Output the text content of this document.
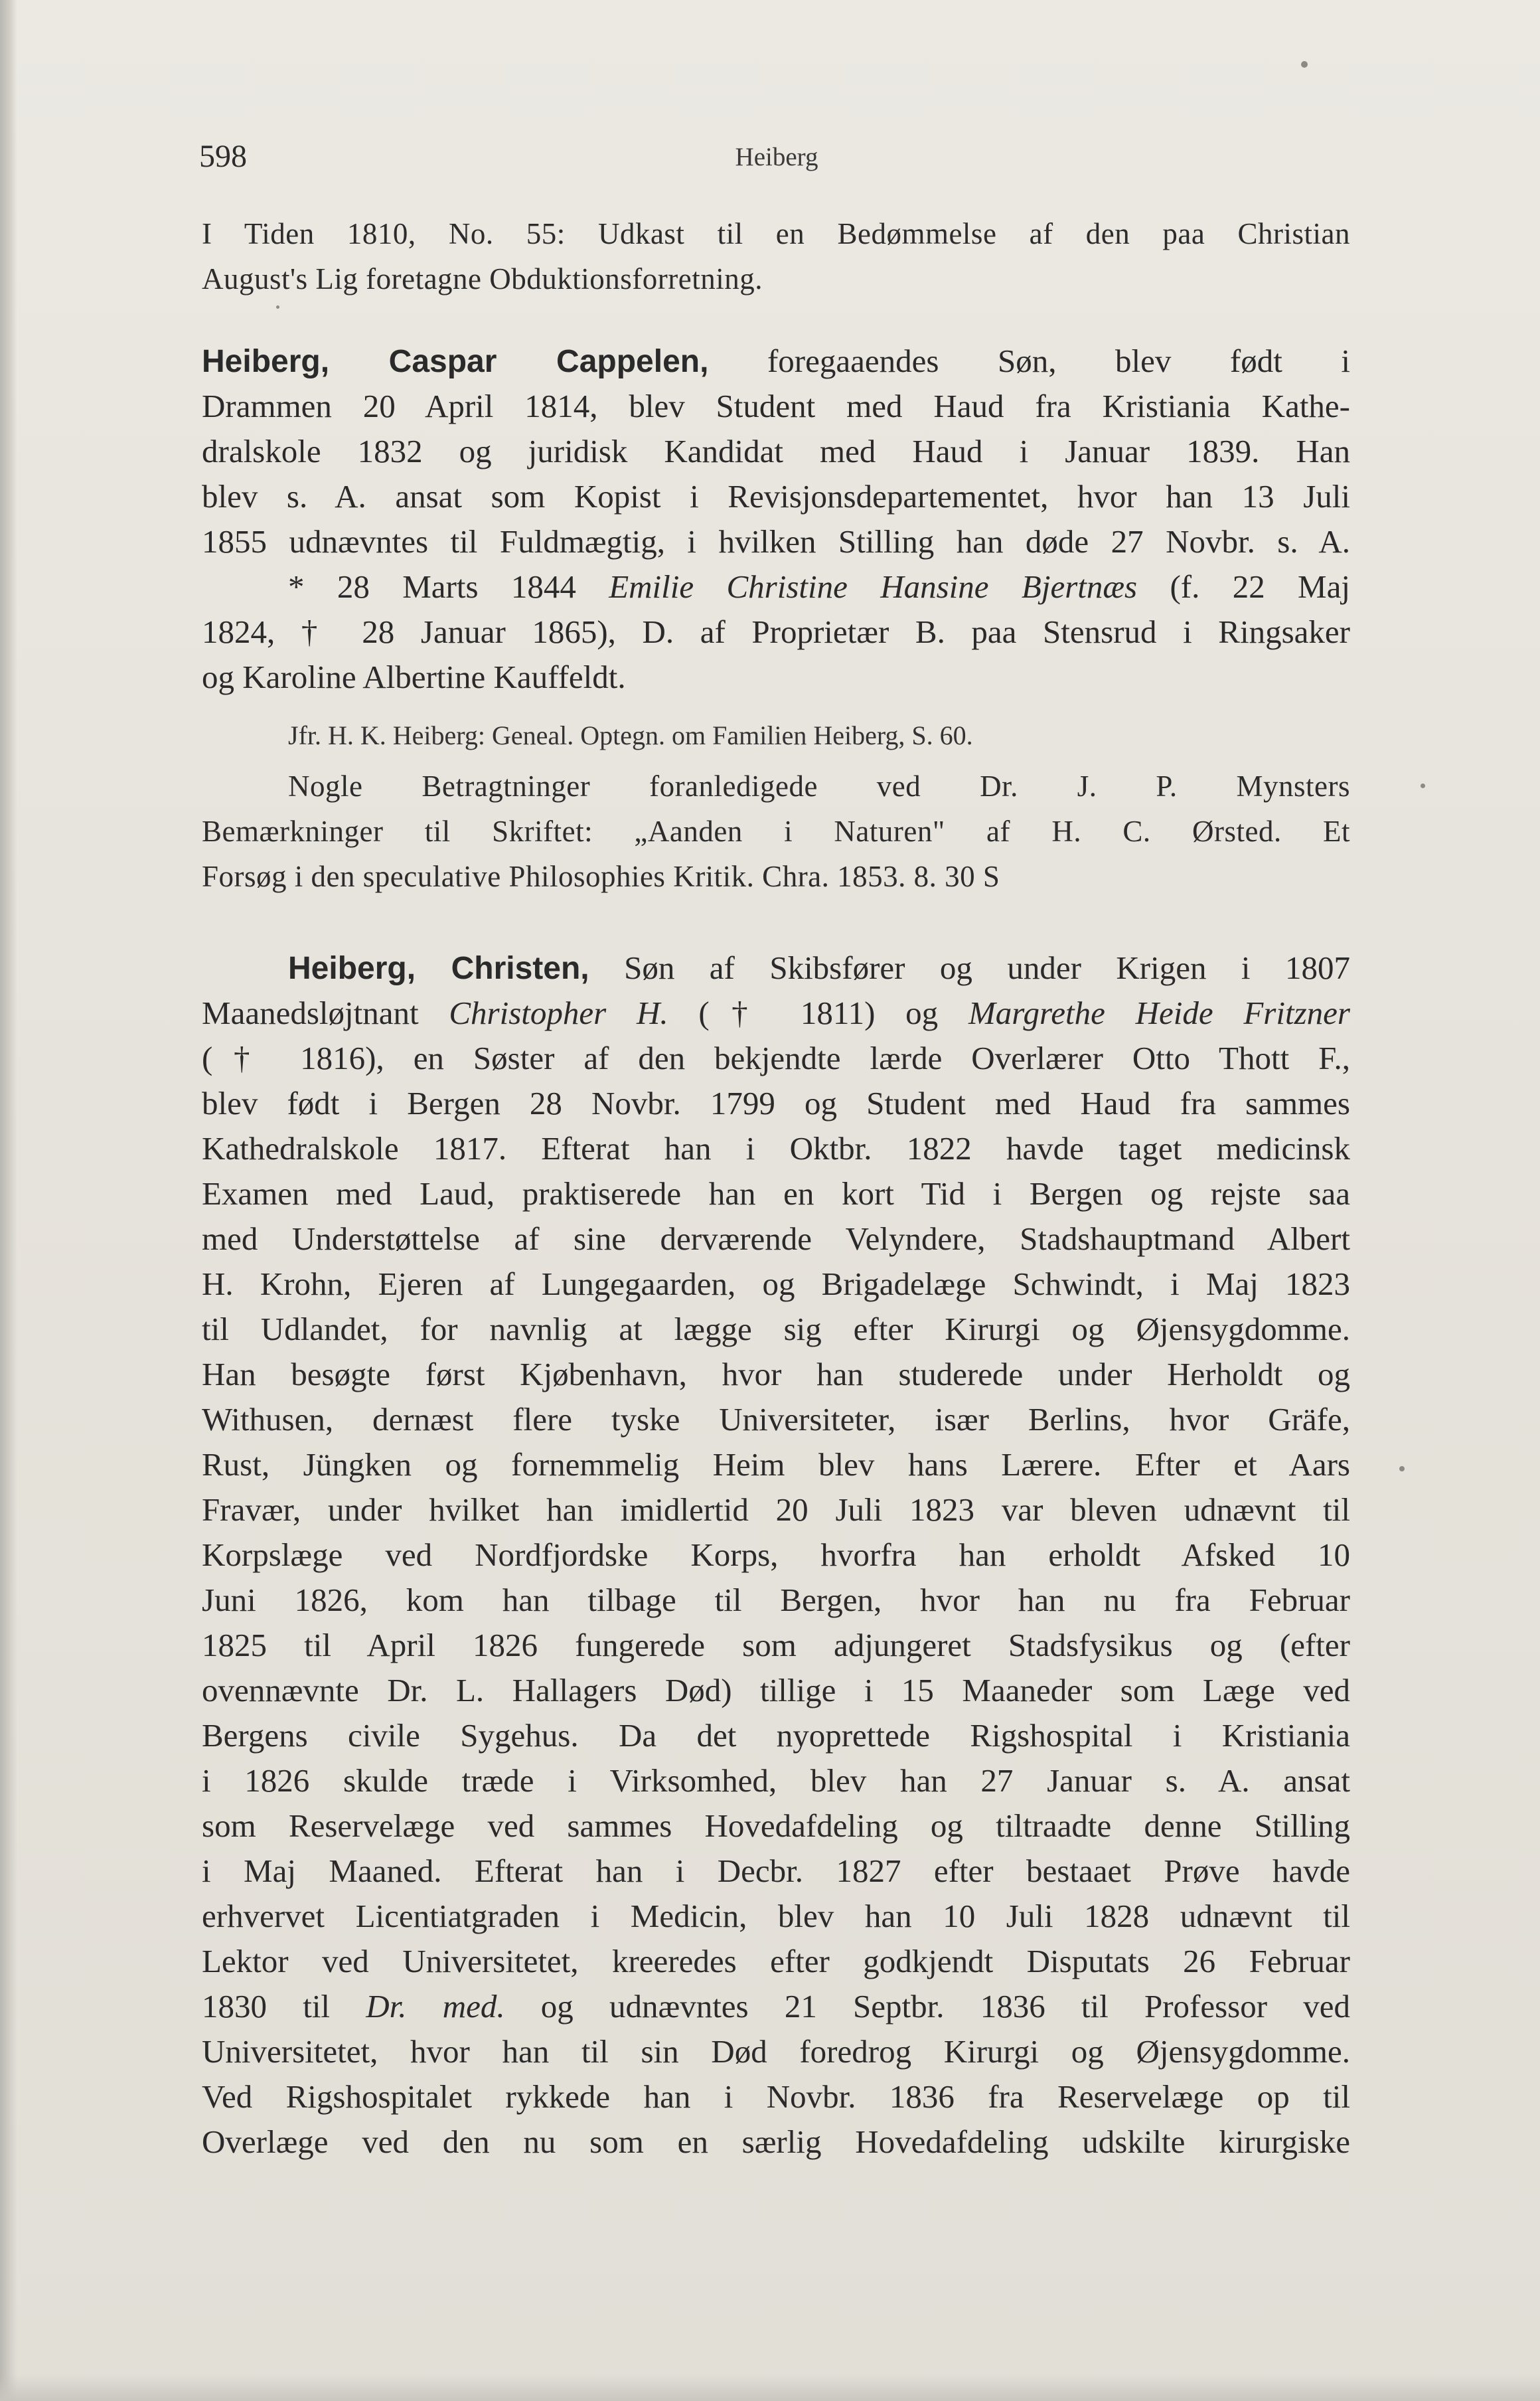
598	Heiberg
I Tiden 1810, No. 55: Udkast til en Bedømmelse af den paa Christian
August's Lig foretagne Obduktionsforretning.
Heiberg, Caspar Cappelen, foregaaendes Søn, blev født i
Drammen 20 April 1814, blev Student med Haud fra Kristiania Kathe-
dralskole 1832 og juridisk Kandidat med Haud i Januar 1839. Han
blev s. A. ansat som Kopist i Revisjonsdepartementet, hvor han 13 Juli
1855 udnævntes til Fuldmægtig, i hvilken Stilling han døde 27 Novbr. s. A.
* 28 Marts 1844 Emilie Christine Hansine Bjertnæs (f. 22 Maj
1824, † 28 Januar 1865), D. af Proprietær B. paa Stensrud i Ringsaker
og Karoline Albertine Kauffeldt.
Jfr. H. K. Heiberg: Geneal. Optegn. om Familien Heiberg, S. 60.
Nogle Betragtninger foranledigede ved Dr. J. P. Mynsters
Bemærkninger til Skriftet: „Aanden i Naturen" af H. C. Ørsted. Et
Forsøg i den speculative Philosophies Kritik. Chra. 1853. 8. 30 S
Heiberg, Christen, Søn af Skibsfører og under Krigen i 1807
Maanedsløjtnant Christopher H. († 1811) og Margrethe Heide Fritzner
(† 1816), en Søster af den bekjendte lærde Overlærer Otto Thott F.,
blev født i Bergen 28 Novbr. 1799 og Student med Haud fra sammes
Kathedralskole 1817. Efterat han i Oktbr. 1822 havde taget medicinsk
Examen med Laud, praktiserede han en kort Tid i Bergen og rejste saa
med Understøttelse af sine derværende Velyndere, Stadshauptmand Albert
H. Krohn, Ejeren af Lungegaarden, og Brigadelæge Schwindt, i Maj 1823
til Udlandet, for navnlig at lægge sig efter Kirurgi og Øjensygdomme.
Han besøgte først Kjøbenhavn, hvor han studerede under Herholdt og
Withusen, dernæst flere tyske Universiteter, især Berlins, hvor Gräfe,
Rust, Jüngken og fornemmelig Heim blev hans Lærere. Efter et Aars
Fravær, under hvilket han imidlertid 20 Juli 1823 var bleven udnævnt til
Korpslæge ved Nordfjordske Korps, hvorfra han erholdt Afsked 10
Juni 1826, kom han tilbage til Bergen, hvor han nu fra Februar
1825 til April 1826 fungerede som adjungeret Stadsfysikus og (efter
ovennævnte Dr. L. Hallagers Død) tillige i 15 Maaneder som Læge ved
Bergens civile Sygehus. Da det nyoprettede Rigshospital i Kristiania
i 1826 skulde træde i Virksomhed, blev han 27 Januar s. A. ansat
som Reservelæge ved sammes Hovedafdeling og tiltraadte denne Stilling
i Maj Maaned. Efterat han i Decbr. 1827 efter bestaaet Prøve havde
erhvervet Licentiatgraden i Medicin, blev han 10 Juli 1828 udnævnt til
Lektor ved Universitetet, kreeredes efter godkjendt Disputats 26 Februar
1830 til Dr. med. og udnævntes 21 Septbr. 1836 til Professor ved
Universitetet, hvor han til sin Død foredrog Kirurgi og Øjensygdomme.
Ved Rigshospitalet rykkede han i Novbr. 1836 fra Reservelæge op til
Overlæge ved den nu som en særlig Hovedafdeling udskilte kirurgiske
